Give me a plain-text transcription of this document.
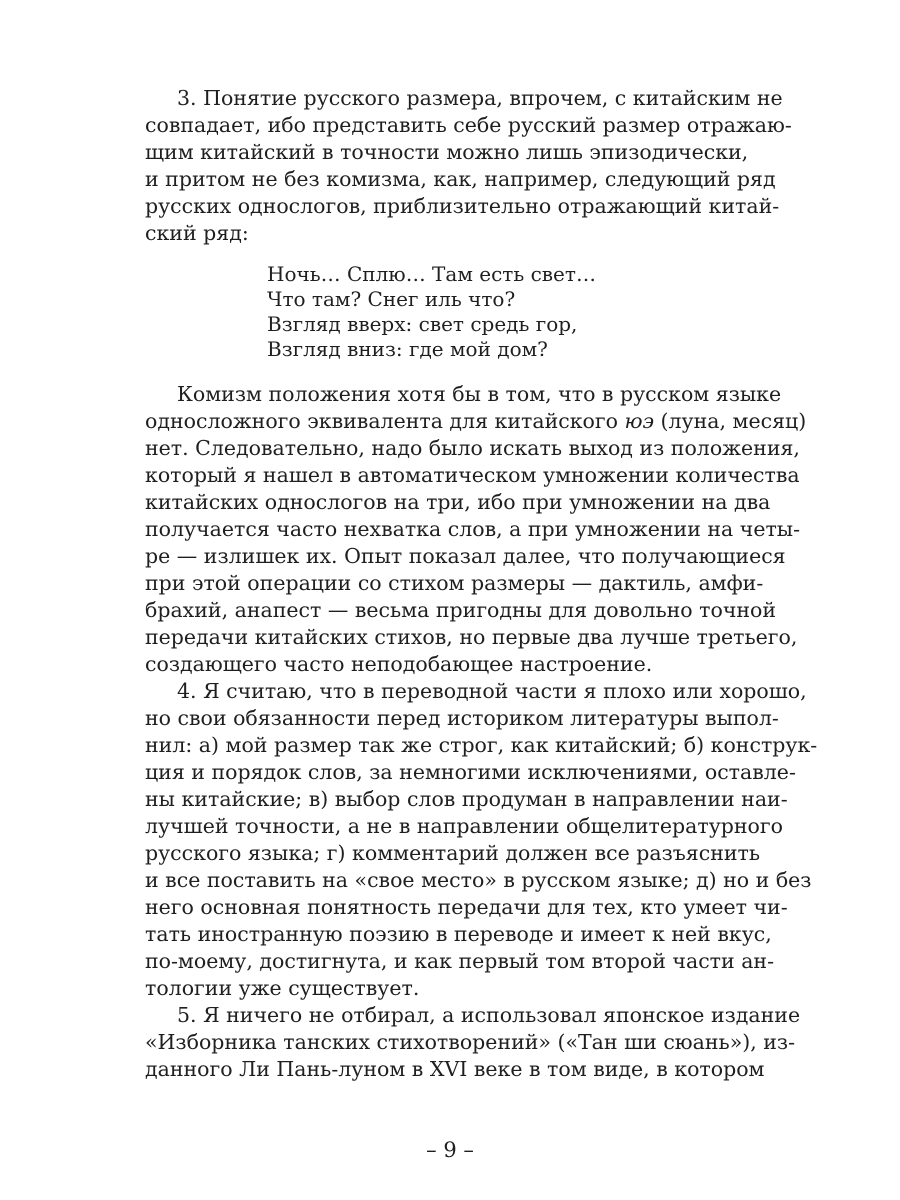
3. Понятие русского размера, впрочем, с китайским не
совпадает, ибо представить себе русский размер отражаю-
щим китайский в точности можно лишь эпизодически,
и притом не без комизма, как, например, следующий ряд
русских однослогов, приблизительно отражающий китай-
ский ряд:
Комизм положения хотя бы в том, что в русском языке
односложного эквивалента для китайского юэ (луна, месяц)
нет. Следовательно, надо было искать выход из положения,
который я нашел в автоматическом умножении количества
китайских однослогов на три, ибо при умножении на два
получается часто нехватка слов, а при умножении на четы-
ре — излишек их. Опыт показал далее, что получающиеся
при этой операции со стихом размеры — дактиль, амфи-
брахий, анапест — весьма пригодны для довольно точной
передачи китайских стихов, но первые два лучше третьего,
создающего часто неподобающее настроение.
4. Я считаю, что в переводной части я плохо или хорошо,
но свои обязанности перед историком литературы выпол-
нил: а) мой размер так же строг, как китайский; б) конструк-
ция и порядок слов, за немногими исключениями, оставле-
ны китайские; в) выбор слов продуман в направлении наи-
лучшей точности, а не в направлении общелитературного
русского языка; г) комментарий должен все разъяснить
и все поставить на «свое место» в русском языке; д) но и без
него основная понятность передачи для тех, кто умеет чи-
тать иностранную поэзию в переводе и имеет к ней вкус,
по-моему, достигнута, и как первый том второй части ан-
тологии уже существует.
5. Я ничего не отбирал, а использовал японское издание
«Изборника танских стихотворений» («Тан ши сюань»), из-
данного Ли Пань-луном в XVI веке в том виде, в котором
Ночь… Сплю… Там есть свет…
Что там? Снег иль что?
Взгляд вверх: свет средь гор,
Взгляд вниз: где мой дом?
– 9 –
